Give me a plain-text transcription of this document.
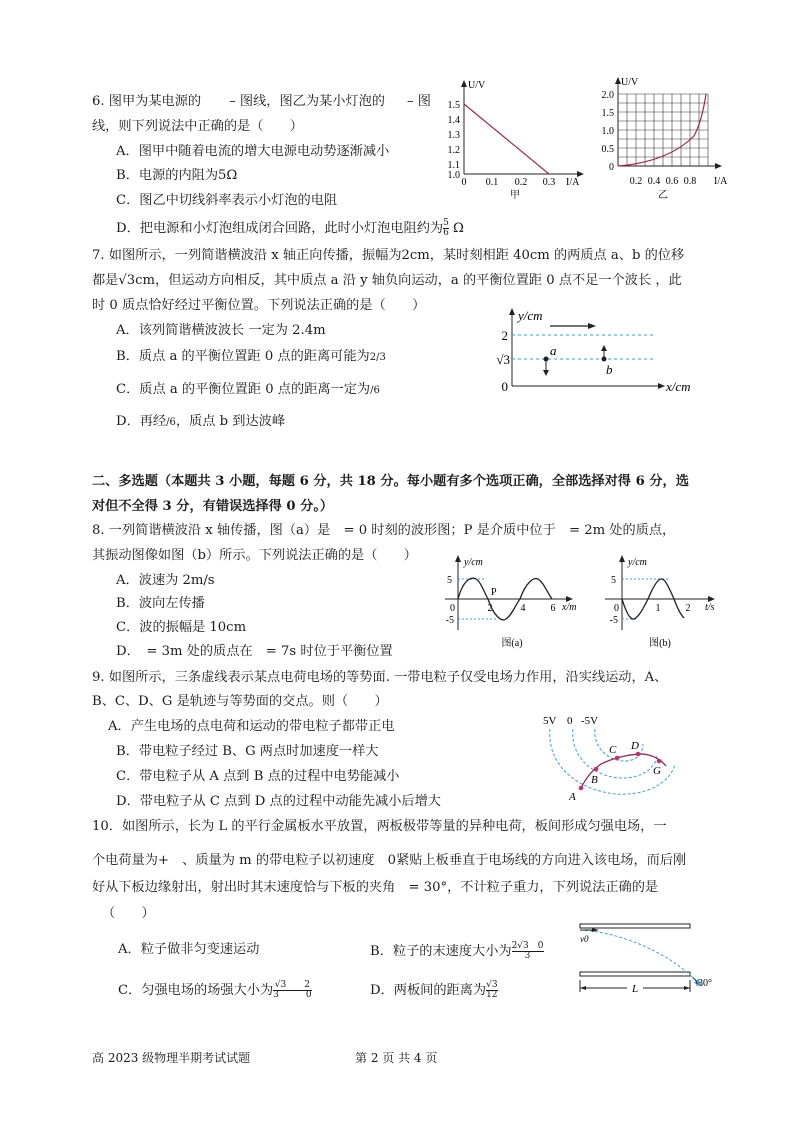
6. 图甲为某电源的 – 图线，图乙为某小灯泡的 – 图
线，则下列说法中正确的是（　　）
A．图甲中随着电流的增大电源电动势逐渐减小
B．电源的内阻为5Ω
C．图乙中切线斜率表示小灯泡的电阻
D．把电源和小灯泡组成闭合回路，此时小灯泡电阻约为 $\frac{5}{6}$ Ω
U/V
I/A
1.5
1.4
1.3
1.2
1.1
1.0
0 0.1 0.2 0.3
甲
U/V
I/A
2.0
1.5
1.0
0.5
0
0.2 0.4 0.6 0.8
乙
7. 如图所示，一列简谐横波沿 x 轴正向传播，振幅为2cm，某时刻相距 40cm 的两质点 a、b 的位移
都是√3cm，但运动方向相反，其中质点 a 沿 y 轴负向运动，a 的平衡位置距 0 点不足一个波长 ，此
时 0 质点恰好经过平衡位置。下列说法正确的是（　　）
A．该列简谐横波波长 一定为 2.4m
B．质点 a 的平衡位置距 0 点的距离可能为2/3
C．质点 a 的平衡位置距 0 点的距离一定为/6
D．再经/6，质点 b 到达波峰
y/cm
x/cm
2
√3
0
a
b
二、多选题（本题共 3 小题，每题 6 分，共 18 分。每小题有多个选项正确，全部选择对得 6 分，选
对但不全得 3 分，有错误选择得 0 分。）
8. 一列简谐横波沿 x 轴传播，图（a）是　= 0 时刻的波形图；P 是介质中位于　= 2m 处的质点，
其振动图像如图（b）所示。下列说法正确的是（　　）
A．波速为 2m/s
B．波向左传播
C．波的振幅是 10cm
D．　= 3m 处的质点在　= 7s 时位于平衡位置
y/cm
x/m
5
-5
0	2	4	6
P
图(a)
y/cm
t/s
5
-5
0	1	2
图(b)
9. 如图所示，三条虚线表示某点电荷电场的等势面. 一带电粒子仅受电场力作用，沿实线运动，A、
B、C、D、G 是轨迹与等势面的交点。则（　　）
A．产生电场的点电荷和运动的带电粒子都带正电
B．带电粒子经过 B、G 两点时加速度一样大
C．带电粒子从 A 点到 B 点的过程中电势能减小
D．带电粒子从 C 点到 D 点的过程中动能先减小后增大
5V 0 -5V
A
B
C D
G
10．如图所示，长为 L 的平行金属板水平放置，两板极带等量的异种电荷，板间形成匀强电场，一
个电荷量为+　、质量为 m 的带电粒子以初速度　0紧贴上板垂直于电场线的方向进入该电场，而后刚
好从下板边缘射出，射出时其末速度恰与下板的夹角　= 30°，不计粒子重力，下列说法正确的是
（　　）
A．粒子做非匀变速运动	B．粒子的末速度大小为 $\frac{2√3 0}{3}$
C．匀强电场的场强大小为 $\frac{√3 2}{3 0}$	D．两板间的距离为 $\frac{√3}{12}$
v0
L	30°
高 2023 级物理半期考试试题	第 2 页 共 4 页
